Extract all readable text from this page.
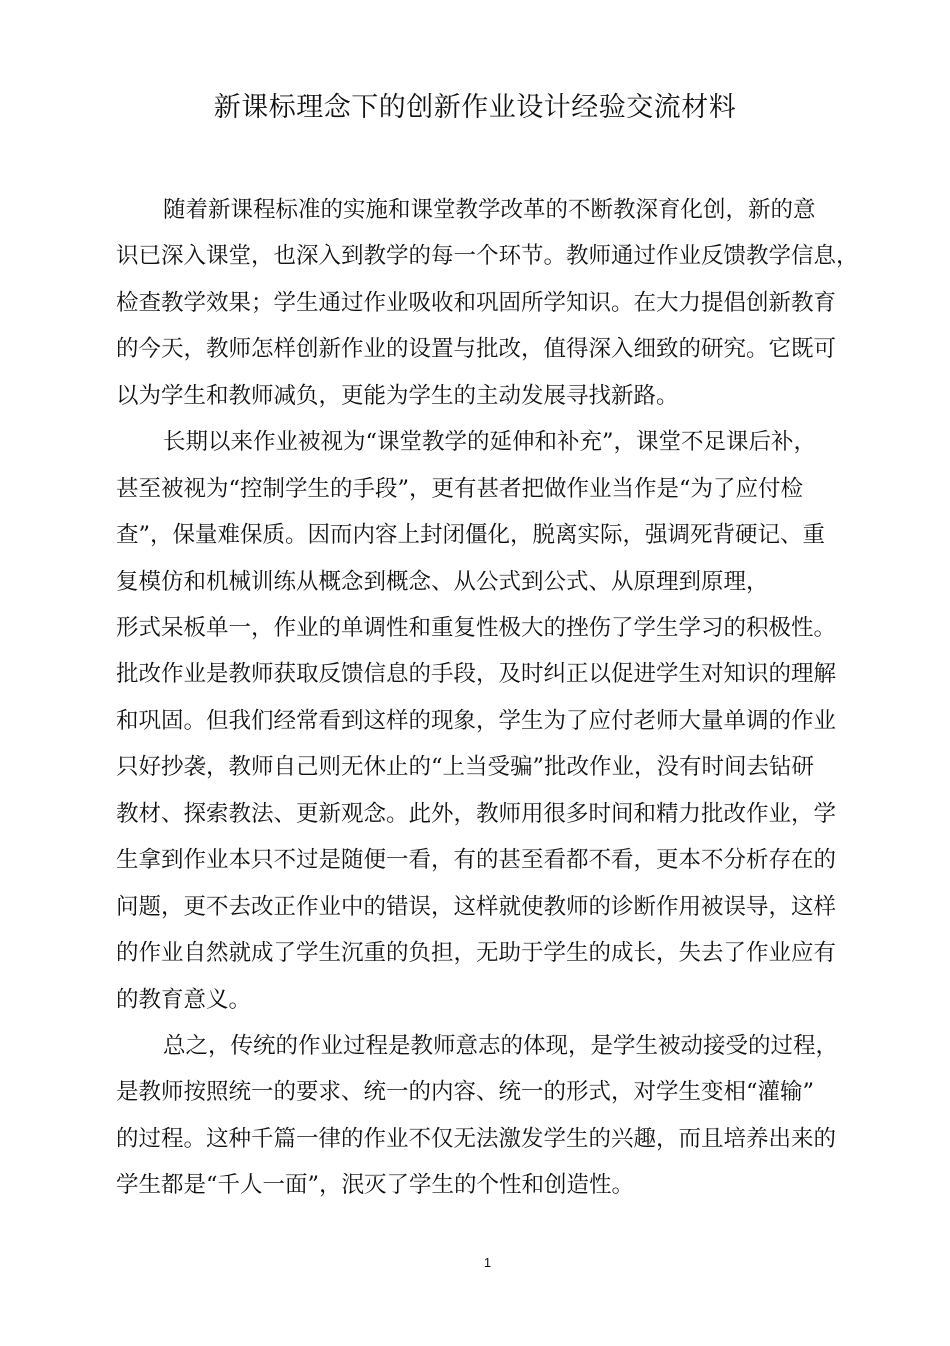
新课标理念下的创新作业设计经验交流材料
随着新课程标准的实施和课堂教学改革的不断教深育化创，新的意
识已深入课堂，也深入到教学的每一个环节。教师通过作业反馈教学信息，
检查教学效果；学生通过作业吸收和巩固所学知识。在大力提倡创新教育
的今天，教师怎样创新作业的设置与批改，值得深入细致的研究。它既可
以为学生和教师减负，更能为学生的主动发展寻找新路。
长期以来作业被视为“课堂教学的延伸和补充”，课堂不足课后补，
甚至被视为“控制学生的手段”，更有甚者把做作业当作是“为了应付检
查”，保量难保质。因而内容上封闭僵化，脱离实际，强调死背硬记、重
复模仿和机械训练从概念到概念、从公式到公式、从原理到原理，
形式呆板单一，作业的单调性和重复性极大的挫伤了学生学习的积极性。
批改作业是教师获取反馈信息的手段，及时纠正以促进学生对知识的理解
和巩固。但我们经常看到这样的现象，学生为了应付老师大量单调的作业
只好抄袭，教师自己则无休止的“上当受骗”批改作业，没有时间去钻研
教材、探索教法、更新观念。此外，教师用很多时间和精力批改作业，学
生拿到作业本只不过是随便一看，有的甚至看都不看，更本不分析存在的
问题，更不去改正作业中的错误，这样就使教师的诊断作用被误导，这样
的作业自然就成了学生沉重的负担，无助于学生的成长，失去了作业应有
的教育意义。
总之，传统的作业过程是教师意志的体现，是学生被动接受的过程，
是教师按照统一的要求、统一的内容、统一的形式，对学生变相“灌输”
的过程。这种千篇一律的作业不仅无法激发学生的兴趣，而且培养出来的
学生都是“千人一面”，泯灭了学生的个性和创造性。
1
